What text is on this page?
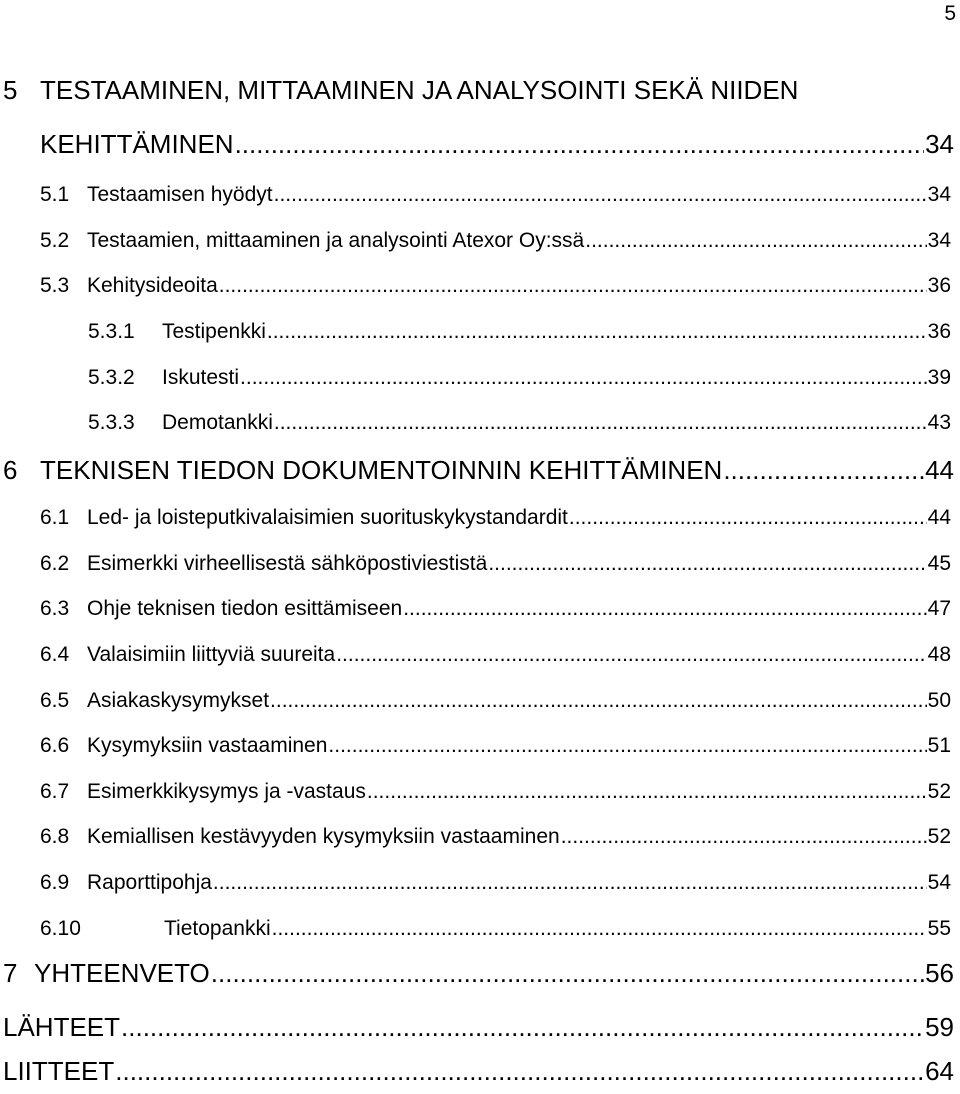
5
5 TESTAAMINEN, MITTAAMINEN JA ANALYSOINTI SEKÄ NIIDEN
KEHITTÄMINEN .....	34
5.1 Testaamisen hyödyt .....	34
5.2 Testaamien, mittaaminen ja analysointi Atexor Oy:ssä .....	34
5.3 Kehitysideoita .....	36
5.3.1	Testipenkki .....	36
5.3.2	Iskutesti .....	39
5.3.3	Demotankki .....	43
6 TEKNISEN TIEDON DOKUMENTOINNIN KEHITTÄMINEN .....	44
6.1 Led- ja loisteputkivalaisimien suorituskykystandardit .....	44
6.2 Esimerkki virheellisestä sähköpostiviestistä .....	45
6.3 Ohje teknisen tiedon esittämiseen .....	47
6.4 Valaisimiin liittyviä suureita .....	48
6.5 Asiakaskysymykset .....	50
6.6 Kysymyksiin vastaaminen .....	51
6.7 Esimerkkikysymys ja -vastaus .....	52
6.8 Kemiallisen kestävyyden kysymyksiin vastaaminen .....	52
6.9 Raporttipohja .....	54
6.10	Tietopankki .....	55
7 YHTEENVETO .....	56
LÄHTEET .....	59
LIITTEET .....	64
